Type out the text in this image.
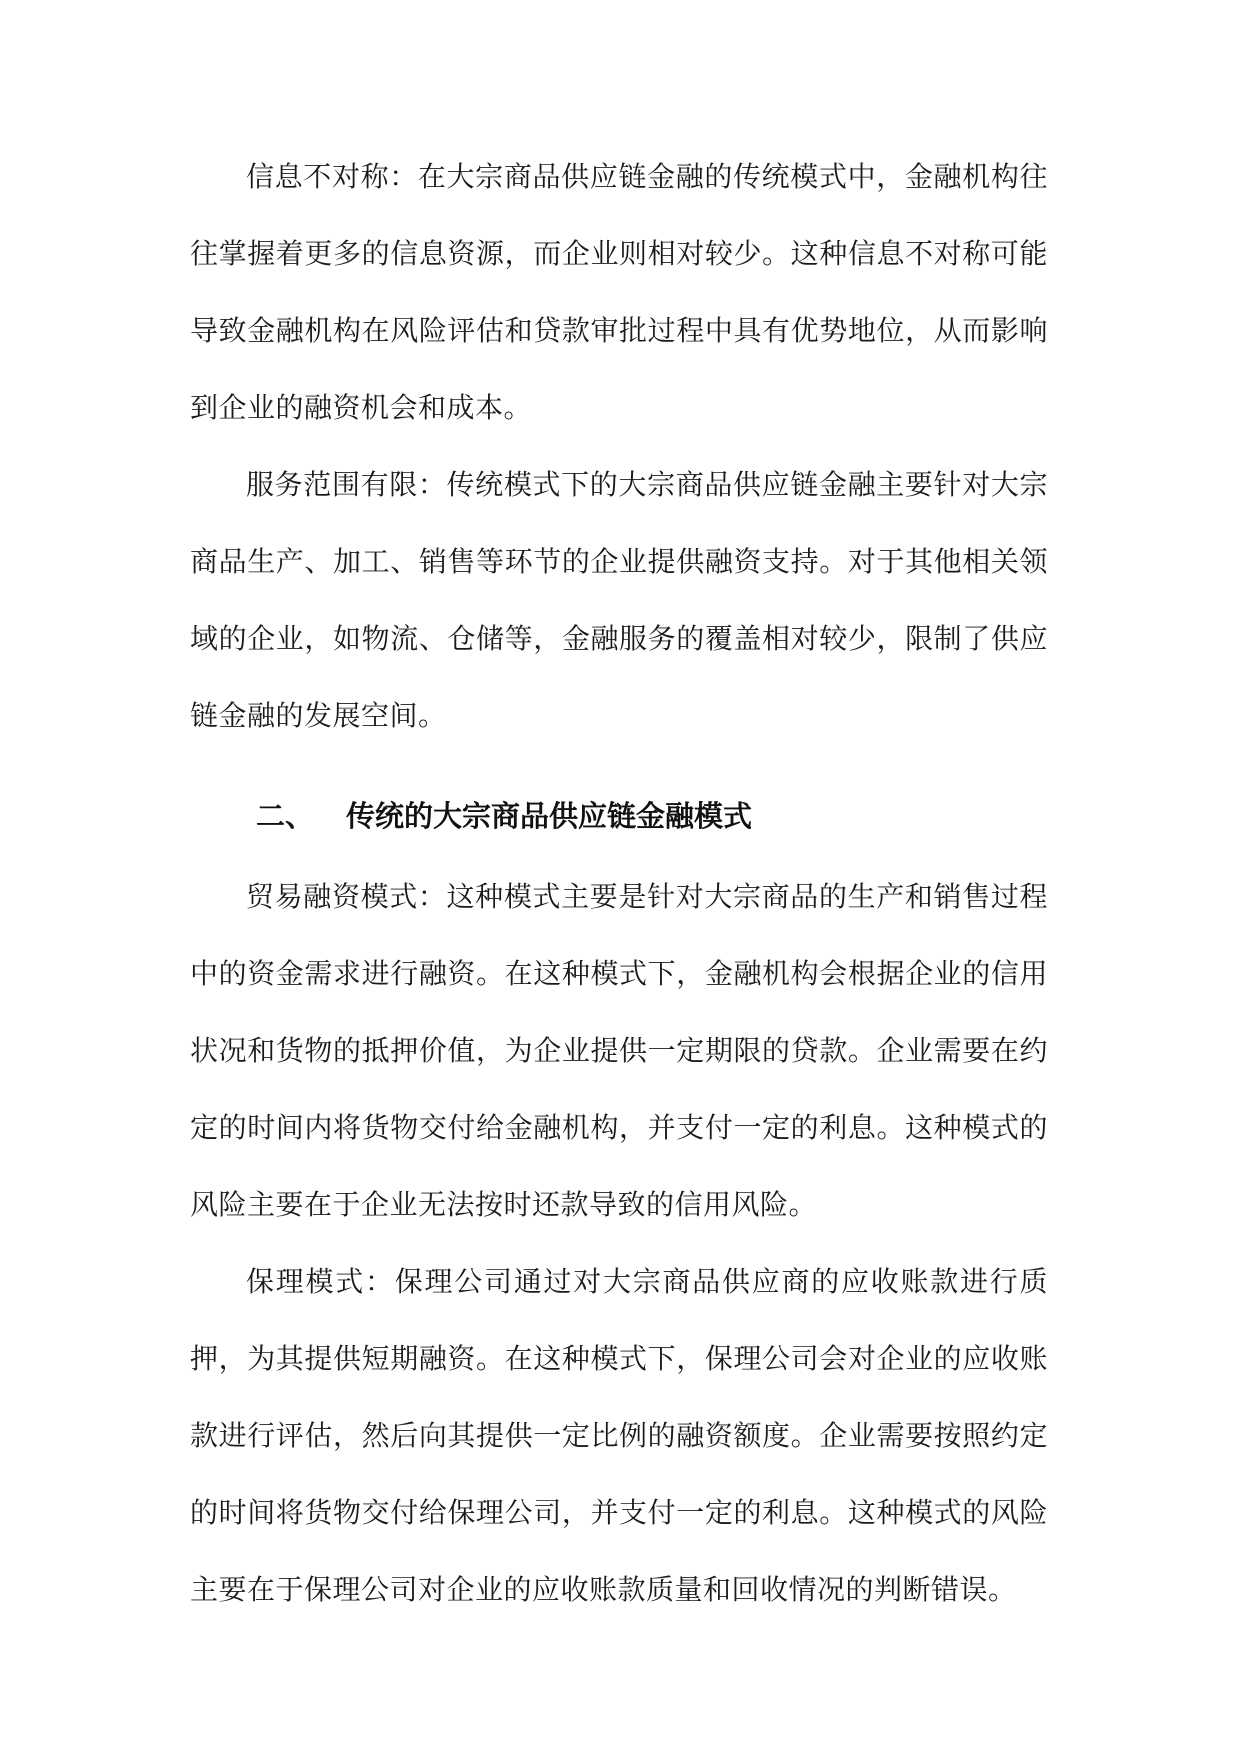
信息不对称：在大宗商品供应链金融的传统模式中，金融机构往往掌握着更多的信息资源，而企业则相对较少。这种信息不对称可能导致金融机构在风险评估和贷款审批过程中具有优势地位，从而影响到企业的融资机会和成本。

服务范围有限：传统模式下的大宗商品供应链金融主要针对大宗商品生产、加工、销售等环节的企业提供融资支持。对于其他相关领域的企业，如物流、仓储等，金融服务的覆盖相对较少，限制了供应链金融的发展空间。

二、 传统的大宗商品供应链金融模式

贸易融资模式：这种模式主要是针对大宗商品的生产和销售过程中的资金需求进行融资。在这种模式下，金融机构会根据企业的信用状况和货物的抵押价值，为企业提供一定期限的贷款。企业需要在约定的时间内将货物交付给金融机构，并支付一定的利息。这种模式的风险主要在于企业无法按时还款导致的信用风险。

保理模式：保理公司通过对大宗商品供应商的应收账款进行质押，为其提供短期融资。在这种模式下，保理公司会对企业的应收账款进行评估，然后向其提供一定比例的融资额度。企业需要按照约定的时间将货物交付给保理公司，并支付一定的利息。这种模式的风险主要在于保理公司对企业的应收账款质量和回收情况的判断错误。
